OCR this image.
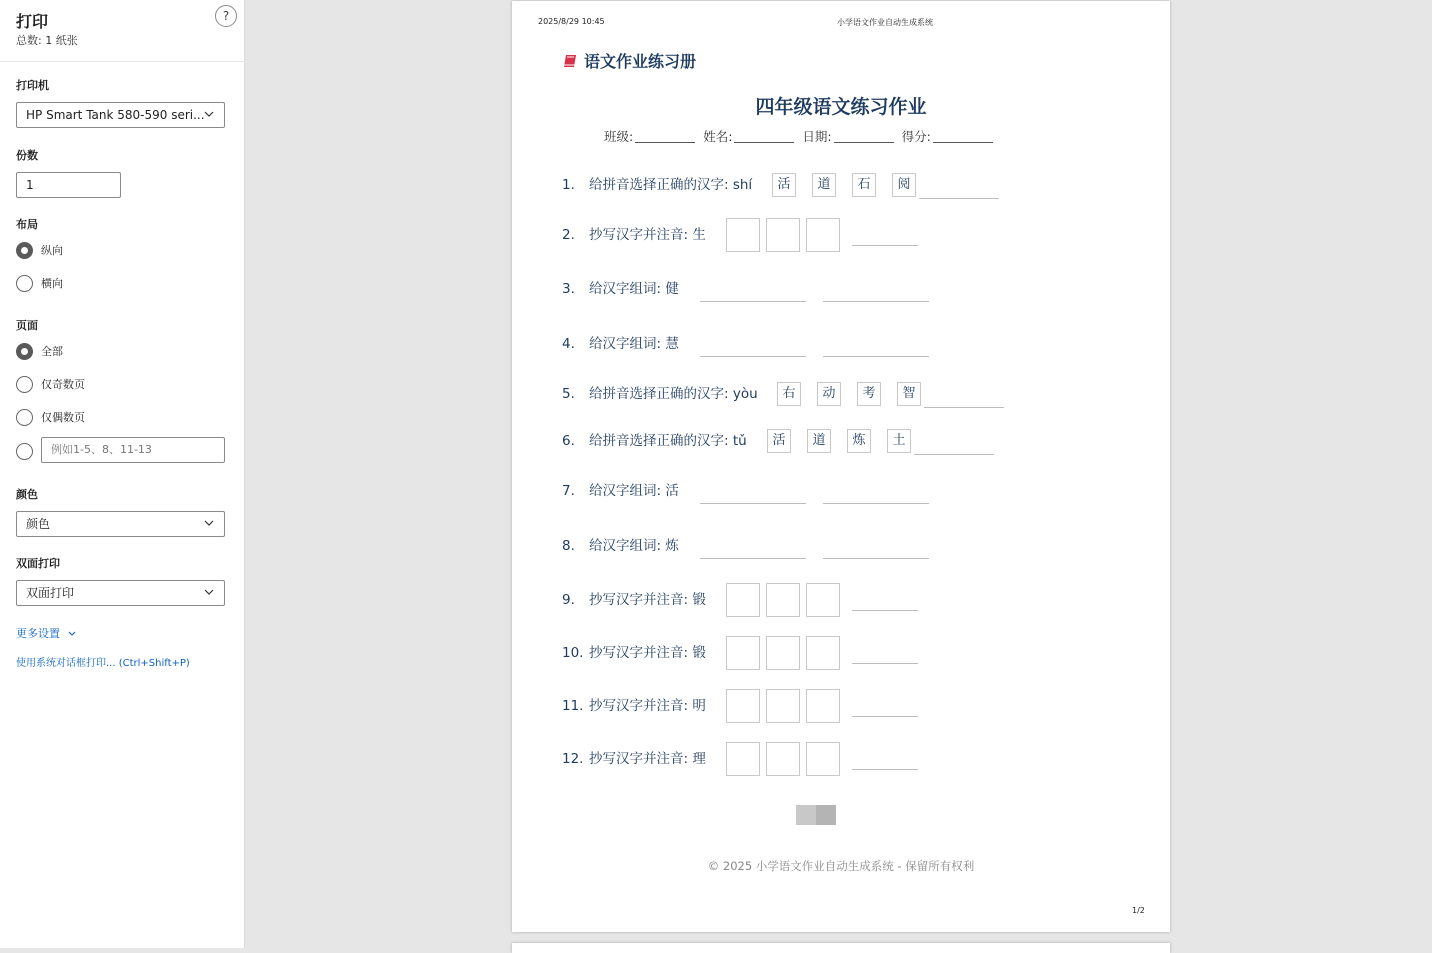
打印
总数: 1 纸张
?
打印机
HP Smart Tank 580-590 seri...
份数
1
布局
纵向
横向
页面
全部
仅奇数页
仅偶数页
例如1-5、8、11-13
颜色
颜色
双面打印
双面打印
更多设置
使用系统对话框打印... (Ctrl+Shift+P)
2025/8/29 10:45	小学语文作业自动生成系统
语文作业练习册
四年级语文练习作业
班级:	姓名:	日期:	得分:
1.	给拼音选择正确的汉字: shí	活	道	石	阅
2.	抄写汉字并注音: 生
3.	给汉字组词: 健
4.	给汉字组词: 慧
5.	给拼音选择正确的汉字: yòu	右	动	考	智
6.	给拼音选择正确的汉字: tǔ	活	道	炼	土
7.	给汉字组词: 活
8.	给汉字组词: 炼
9.	抄写汉字并注音: 锻
10. 抄写汉字并注音: 锻
11. 抄写汉字并注音: 明
12. 抄写汉字并注音: 理
© 2025 小学语文作业自动生成系统 - 保留所有权利
1/2
